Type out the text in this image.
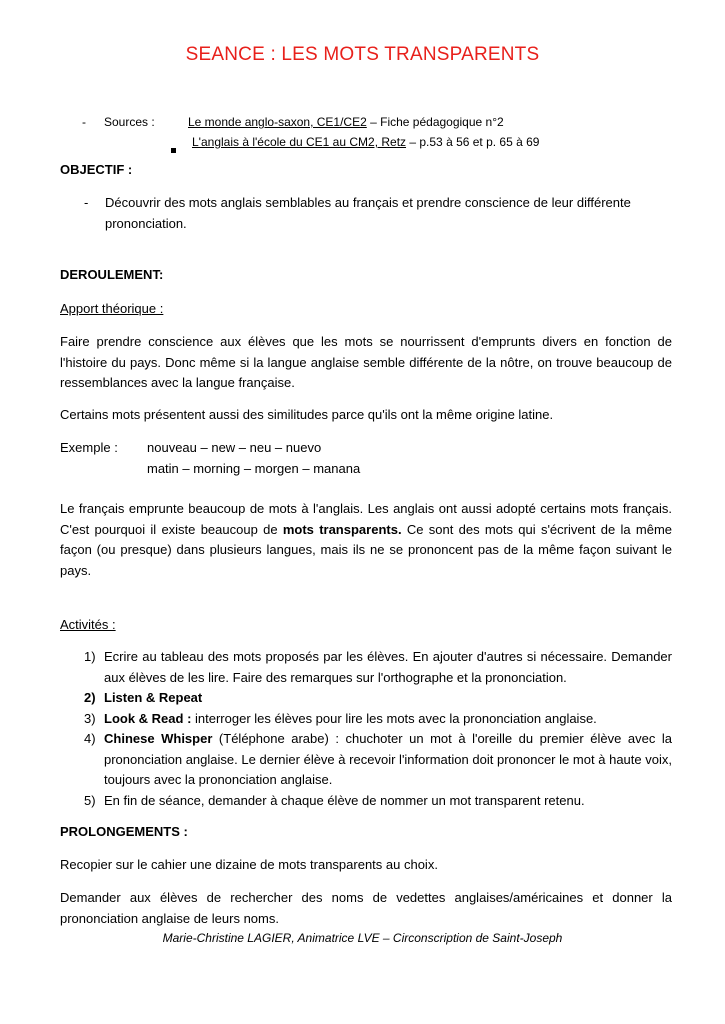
SEANCE : LES MOTS TRANSPARENTS
- Sources :	Le monde anglo-saxon, CE1/CE2 – Fiche pédagogique n°2
L'anglais à l'école du CE1 au CM2, Retz – p.53 à 56 et p. 65 à 69
OBJECTIF :
- Découvrir des mots anglais semblables au français et prendre conscience de leur différente prononciation.
DEROULEMENT:
Apport théorique :
Faire prendre conscience aux élèves que les mots se nourrissent d'emprunts divers en fonction de l'histoire du pays. Donc même si la langue anglaise semble différente de la nôtre, on trouve beaucoup de ressemblances avec la langue française.
Certains mots présentent aussi des similitudes parce qu'ils ont la même origine latine.
Exemple : nouveau – new – neu – nuevo
matin – morning – morgen – manana
Le français emprunte beaucoup de mots à l'anglais. Les anglais ont aussi adopté certains mots français. C'est pourquoi il existe beaucoup de mots transparents. Ce sont des mots qui s'écrivent de la même façon (ou presque) dans plusieurs langues, mais ils ne se prononcent pas de la même façon suivant le pays.
Activités :
1) Ecrire au tableau des mots proposés par les élèves. En ajouter d'autres si nécessaire. Demander aux élèves de les lire. Faire des remarques sur l'orthographe et la prononciation.
2) Listen & Repeat
3) Look & Read : interroger les élèves pour lire les mots avec la prononciation anglaise.
4) Chinese Whisper (Téléphone arabe) : chuchoter un mot à l'oreille du premier élève avec la prononciation anglaise. Le dernier élève à recevoir l'information doit prononcer le mot à haute voix, toujours avec la prononciation anglaise.
5) En fin de séance, demander à chaque élève de nommer un mot transparent retenu.
PROLONGEMENTS :
Recopier sur le cahier une dizaine de mots transparents au choix.
Demander aux élèves de rechercher des noms de vedettes anglaises/américaines et donner la prononciation anglaise de leurs noms.
Marie-Christine LAGIER, Animatrice LVE – Circonscription de Saint-Joseph
